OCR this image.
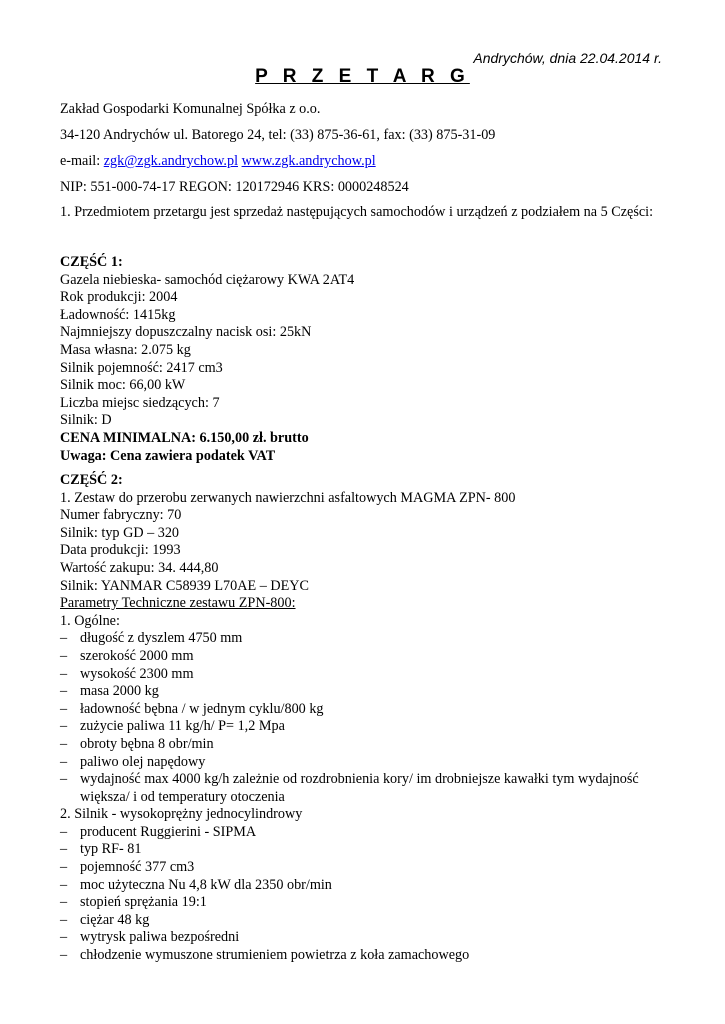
Andrychów, dnia 22.04.2014 r.
P R Z E T A R G
Zakład Gospodarki Komunalnej Spółka z o.o.
34-120 Andrychów ul. Batorego 24, tel: (33) 875-36-61, fax: (33) 875-31-09
e-mail: zgk@zgk.andrychow.pl www.zgk.andrychow.pl
NIP: 551-000-74-17 REGON: 120172946 KRS: 0000248524
1. Przedmiotem przetargu jest sprzedaż następujących samochodów i urządzeń z podziałem na 5 Części:
CZĘŚĆ 1:
Gazela niebieska- samochód ciężarowy KWA 2AT4
Rok produkcji: 2004
Ładowność: 1415kg
Najmniejszy dopuszczalny nacisk osi: 25kN
Masa własna: 2.075 kg
Silnik pojemność: 2417 cm3
Silnik moc: 66,00 kW
Liczba miejsc siedzących: 7
Silnik: D
CENA MINIMALNA: 6.150,00 zł. brutto
Uwaga: Cena zawiera podatek VAT
CZĘŚĆ 2:
1. Zestaw do przerobu zerwanych nawierzchni asfaltowych MAGMA ZPN- 800
Numer fabryczny: 70
Silnik: typ GD – 320
Data produkcji: 1993
Wartość zakupu: 34. 444,80
Silnik: YANMAR C58939 L70AE – DEYC
Parametry Techniczne zestawu ZPN-800:
1. Ogólne:
– długość z dyszlem 4750 mm
– szerokość 2000 mm
– wysokość 2300 mm
– masa 2000 kg
– ładowność bębna / w jednym cyklu/800 kg
– zużycie paliwa 11 kg/h/ P= 1,2 Mpa
– obroty bębna 8 obr/min
– paliwo olej napędowy
– wydajność max 4000 kg/h zależnie od rozdrobnienia kory/ im drobniejsze kawałki tym wydajność większa/ i od temperatury otoczenia
2. Silnik - wysokoprężny jednocylindrowy
– producent Ruggierini - SIPMA
– typ RF- 81
– pojemność 377 cm3
– moc użyteczna Nu 4,8 kW dla 2350 obr/min
– stopień sprężania 19:1
– ciężar 48 kg
– wytrysk paliwa bezpośredni
– chłodzenie wymuszone strumieniem powietrza z koła zamachowego
